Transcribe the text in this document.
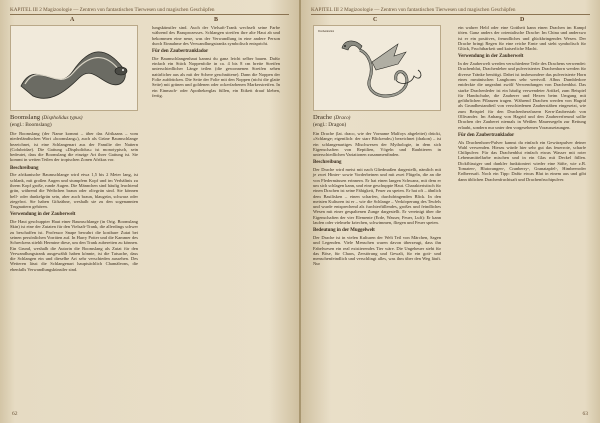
KAPITEL III 2 Magizoologie — Zentren von fantastischen Tierwesen und magischen Geschöpfen
A	B
Boomslang (Dispholidus typus)
(engl.: Boomslang)

Die Boomslang (der Name kommt – über das Afrikaans – vom niederländischen Wort »boomslang«), auch als Grüne Baumschlange bezeichnet, ist eine Schlangenart aus der Familie der Nattern (Colubridae). Die Gattung »Dispholidus« ist monotypisch, sein bedeutet, dass die Boomslang die einzige Art ihrer Gattung ist. Sie kommt in weiten Teilen der tropischen Zonen Afrikas vor.

Beschreibung

Die afrikanische Baumschlange wird etwa 1,5 bis 2 Meter lang, ist schlank, mit großen Augen und stumpfem Kopf und im Verhältnis zu ihrem Kopf große, runde Augen. Die Männchen sind häufig leuchtend grün, während die Weibchen braun oder olivgrün sind. Sie können bell- oder dunkelgrün sein, aber auch braun, blaugrün, schwarz oder ziegelrot. Sie haben Giftzähne, weshalb sie zu den sogenannten Trugnattern gehören.

Verwendung in der Zauberwelt

Die Haut geschuppter Haut einer Baumschlange (in Orig. Boomslang Skin) ist eine der Zutaten für den Vielsaft-Trank, die allerdings schwer zu beschaffen ist. Professor Snape bewahrt die kostbare Zutat bei seinen persönlichen Vorräten auf. In Harry Potter und die Kammer des Schreckens stiehlt Hermine diese, um den Trank zubereiten zu können. Ein Grund, weshalb die Autorin die Boomslang als Zutat für den Verwandlungstrank ausgewählt haben könnte, ist die Tatsache, dass die Schlangen ein und dieselbe Art sehr verschieden aussehen. Des Weiteren lässt die Schlangenart hauptsächlich Chamäleons, die ebenfalls Verwandlungskünstler sind.

lungskünstler sind. Auch der Vielsaft-Trank wechselt seine Farbe während des Brauprozesses. Schlangen streifen ihre alte Haut ab und bekommen eine neue, was der Verwandlung in eine andere Person durch Einnahme des Verwandlungstranks symbolisch entspricht.

Für den Zaubertranklador

Die Baumschlangenhaut kannst du ganz leicht selber bauen. Dafür einfach ein Stück Noppenfolie in ca. 4 bis 8 cm breite Streifen unterschiedlicher Länge teilen (die gewonnenen Streifen sehen natürlicher aus als mit der Schere geschnittene). Dann die Noppen der Folie aufdrücken. Die Seite der Folie mit den Noppen (nicht die glatte Seite) mit grünen und goldenen oder ockerfarbenen Markerstreifen. In ein Einmach- oder Apothekerglas füllen, ein Etikett drauf kleben, fertig.

62
KAPITEL III 2 Magizoologie — Zentren von fantastischen Tierwesen und magischen Geschöpfen
C	D
Drachenkrallen
Drache (Draco)
(engl.: Dragon)

Ein Drache (lat. draco, wie der Vorname Malfoys abgeleitet) drückt, »Schlange; eigentlich: der starr Blickende«) bezeichnet (drakon) – ist ein schlangenartiges Mischwesen der Mythologie, in dem sich Eigenschaften von Reptilien, Vögeln und Raubtieren in unterschiedlichen Variationen zusammenfinden.

Beschreibung

Der Drache wird meist mit nach Gliedmaßen dargestellt, nämlich mit je zwei Hinter- sowie Vorderbeinen und mit zwei Flügeln, die an die von Fledermäusen erinnern. Er hat einen langen Schwanz, mit dem er um sich schlagen kann, und eine geschuppte Haut. Charakteristisch für einen Drachen ist seine Fähigkeit, Feuer zu speien. Er hat oft – ähnlich dem Basilisken – einen scharfen, durchdringenden Blick. In den meisten Kulturen ist er – wie die Schlange – Verkörperung des Teufels und wurde entsprechend als furchterfüllendes, großes und feindliches Wesen mit einer gespaltenen Zunge dargestellt. Er vereinigt über die Eigenschaften der vier Elemente (Erde, Wasser, Feuer, Luft): Er kann laufen oder vielmehr kriechen, schwimmen, fliegen und Feuer speien.

Bedeutung in der Muggelwelt

Der Drache ist in vielen Kulturen der Welt Teil von Märchen, Sagen und Legenden. Viele Menschen waren davon überzeugt, dass ihn Fabelwesen ein real existierendes Tier wäre. Die Ungeheuer steht für das Böse, für Chaos, Zerstörung und Gewalt, für ein gott- und menschenfeindlich und verschlingt alles, was ihm über den Weg läuft. Nur

ein wahrer Held oder eine Gottheit kann einen Drachen im Kampf töten. Ganz anders der orientalische Drache: Im China und anderswo ist er ein positives, freundliches und glückbringendes Wesen. Der Drache bringt Regen für eine reiche Ernte und steht symbolisch für Glück, Fruchtbarkeit und kaiserliche Macht.

Verwendung in der Zauberwelt

In der Zauberwelt werden verschiedene Teile des Drachens verwendet: Drachenblut, Drachenleber und pulverisiertes Drachenhorn werden für diverse Tränke benötigt. Dabei ist insbesondere das pulverisierte Horn eines rumänischen Langhorns sehr wertvoll. Albus Dumbledore entdeckte die ungeahnt zwölf Verwendungen von Drachenblut. Das starke Drachenleder ist ein häufig verwendeter Artikel, zum Beispiel für Handschuhe, die Zauberer und Hexen beim Umgang mit gefährlichen Pflanzen tragen. Während Drachen werden von Hagrid als Grundbestandteil von verschiedenen Zauberstäben eingesetzt, wie zum Beispiel für den Drachenherzfasern Kern-Zauberstab von Ollivander. Im Anhang von Hagrid und den Zaubererfreund sollte Drachen der Zauberei niemals in Weißen Mauersegeln zur Rettung erlaubt, sondern nur unter den vorgesehenen Voraussetzungen.

Für den Zaubertranklador

Als Drachenhorn-Pulver kannst du einfach ein Gewürzpulver deiner Wahl verwenden. Hierzu würde hier sehr gut das feuerrote, scharfe Chilipulver. Für das Drachenblut einfach etwas Wasser mit roter Lebensmittelfarbe mischen und in ein Glas mit Deckel füllen. Dickflüssiger und dunkler funktioniert wieder eine Säfte, wie z.B. Tomaten-, Blutorangen-, Cranberry-, Granatapfel-, Himbeeroder Erdbeersaft. Noch ein Tipp: Dafür etwas Blut in einem aus und gibt dann üblichen Drachenfruchtsaft und Drachenfruchtpulver.

63
